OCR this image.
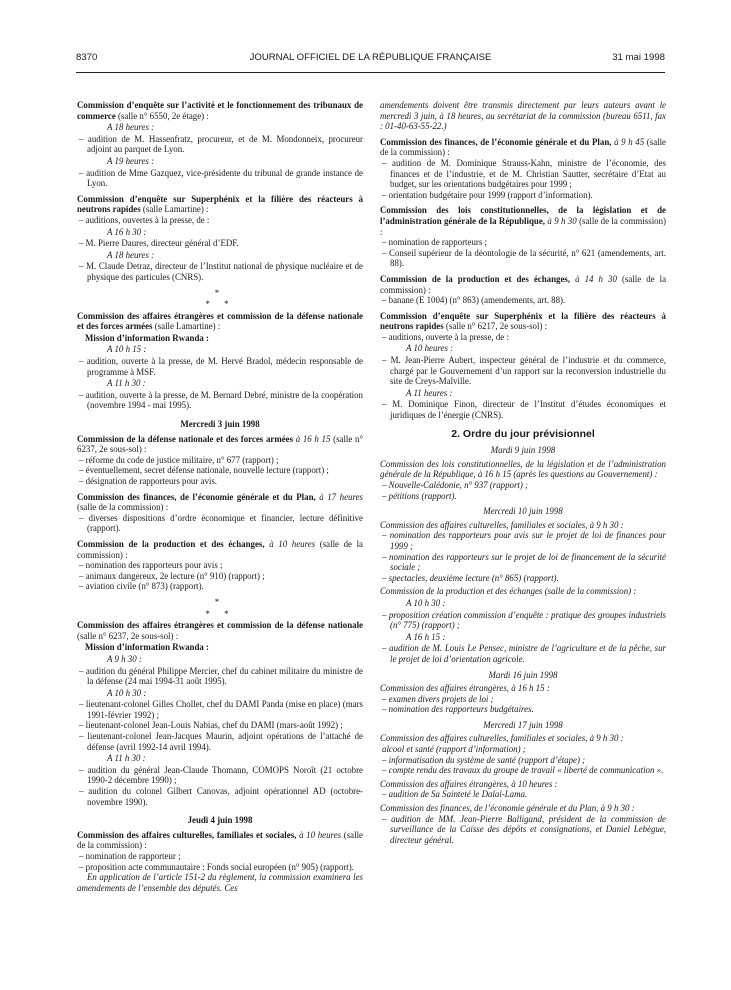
8370	JOURNAL OFFICIEL DE LA RÉPUBLIQUE FRANÇAISE	31 mai 1998

Commission d’enquête sur l’activité et le fonctionnement des tribunaux de commerce (salle n° 6550, 2e étage) :

A 18 heures :

– audition de M. Hassenfratz, procureur, et de M. Mondonneix, procureur adjoint au parquet de Lyon.

A 19 heures :

– audition de Mme Gazquez, vice-présidente du tribunal de grande instance de Lyon.

Commission d’enquête sur Superphénix et la filière des réacteurs à neutrons rapides (salle Lamartine) :

– auditions, ouvertes à la presse, de :

A 16 h 30 :

– M. Pierre Daures, directeur général d’EDF.

A 18 heures :

– M. Claude Detraz, directeur de l’Institut national de physique nucléaire et de physique des particules (CNRS).

*

* *

Commission des affaires étrangères et commission de la défense nationale et des forces armées (salle Lamartine) :

Mission d’information Rwanda :

A 10 h 15 :

– audition, ouverte à la presse, de M. Hervé Bradol, médecin responsable de programme à MSF.

A 11 h 30 :

– audition, ouverte à la presse, de M. Bernard Debré, ministre de la coopération (novembre 1994 - mai 1995).

Mercredi 3 juin 1998

Commission de la défense nationale et des forces armées à 16 h 15 (salle n° 6237, 2e sous-sol) :

– réforme du code de justice militaire, n° 677 (rapport) ;

– éventuellement, secret défense nationale, nouvelle lecture (rapport) ;

– désignation de rapporteurs pour avis.

Commission des finances, de l’économie générale et du Plan, à 17 heures (salle de la commission) :

– diverses dispositions d’ordre économique et financier, lecture définitive (rapport).

Commission de la production et des échanges, à 10 heures (salle de la commission) :

– nomination des rapporteurs pour avis ;

– animaux dangereux, 2e lecture (n° 910) (rapport) ;

– aviation civile (n° 873) (rapport).

*

* *

Commission des affaires étrangères et commission de la défense nationale (salle n° 6237, 2e sous-sol) :

Mission d’information Rwanda :

A 9 h 30 :

– audition du général Philippe Mercier, chef du cabinet militaire du ministre de la défense (24 mai 1994-31 août 1995).

A 10 h 30 :

– lieutenant-colonel Gilles Chollet, chef du DAMI Panda (mise en place) (mars 1991-février 1992) ;

– lieutenant-colonel Jean-Louis Nabias, chef du DAMI (mars-août 1992) ;

– lieutenant-colonel Jean-Jacques Maurin, adjoint opérations de l’attaché de défense (avril 1992-14 avril 1994).

A 11 h 30 :

– audition du général Jean-Claude Thomann, COMOPS Noroît (21 octobre 1990-2 décembre 1990) ;

– audition du colonel Gilbert Canovas, adjoint opérationnel AD (octobre-novembre 1990).

Jeudi 4 juin 1998

Commission des affaires culturelles, familiales et sociales, à 10 heures (salle de la commission) :

– nomination de rapporteur ;

– proposition acte communautaire : Fonds social européen (n° 905) (rapport).

En application de l’article 151-2 du règlement, la commission examinera les amendements de l’ensemble des députés. Ces

amendements doivent être transmis directement par leurs auteurs avant le mercredi 3 juin, à 18 heures, au secrétariat de la commission (bureau 6511, fax : 01-40-63-55-22.)

Commission des finances, de l’économie générale et du Plan, à 9 h 45 (salle de la commission) :

– audition de M. Dominique Strauss-Kahn, ministre de l’économie, des finances et de l’industrie, et de M. Christian Sautter, secrétaire d’Etat au budget, sur les orientations budgétaires pour 1999 ;

– orientation budgétaire pour 1999 (rapport d’information).

Commission des lois constitutionnelles, de la législation et de l’administration générale de la République, à 9 h 30 (salle de la commission) :

– nomination de rapporteurs ;

– Conseil supérieur de la déontologie de la sécurité, n° 621 (amendements, art. 88).

Commission de la production et des échanges, à 14 h 30 (salle de la commission) :

– banane (E 1004) (n° 863) (amendements, art. 88).

Commission d’enquête sur Superphénix et la filière des réacteurs à neutrons rapides (salle n° 6217, 2e sous-sol) :

– auditions, ouverte à la presse, de :

A 10 heures :

– M. Jean-Pierre Aubert, inspecteur général de l’industrie et du commerce, chargé par le Gouvernement d’un rapport sur la reconversion industrielle du site de Creys-Malville.

A 11 heures :

– M. Dominique Finon, directeur de l’Institut d’études économiques et juridiques de l’énergie (CNRS).

2. Ordre du jour prévisionnel

Mardi 9 juin 1998

Commission des lois constitutionnelles, de la législation et de l’administration générale de la République, à 16 h 15 (après les questions au Gouvernement) :

– Nouvelle-Calédonie, n° 937 (rapport) ;

– pétitions (rapport).

Mercredi 10 juin 1998

Commission des affaires culturelles, familiales et sociales, à 9 h 30 :

– nomination des rapporteurs pour avis sur le projet de loi de finances pour 1999 ;

– nomination des rapporteurs sur le projet de loi de financement de la sécurité sociale ;

– spectacles, deuxième lecture (n° 865) (rapport).

Commission de la production et des échanges (salle de la commission) :

A 10 h 30 :

– proposition création commission d’enquête : pratique des groupes industriels (n° 775) (rapport) ;

A 16 h 15 :

– audition de M. Louis Le Pensec, ministre de l’agriculture et de la pêche, sur le projet de loi d’orientation agricole.

Mardi 16 juin 1998

Commission des affaires étrangères, à 16 h 15 :

– examen divers projets de loi ;

– nomination des rapporteurs budgétaires.

Mercredi 17 juin 1998

Commission des affaires culturelles, familiales et sociales, à 9 h 30 :

alcool et santé (rapport d’information) ;

– informatisation du système de santé (rapport d’étape) ;

– compte rendu des travaux du groupe de travail « liberté de communication ».

Commission des affaires étrangères, à 10 heures :

– audition de Sa Sainteté le Dalaï-Lama.

Commission des finances, de l’économie générale et du Plan, à 9 h 30 :

– audition de MM. Jean-Pierre Balligand, président de la commission de surveillance de la Caisse des dépôts et consignations, et Daniel Lebègue, directeur général.
